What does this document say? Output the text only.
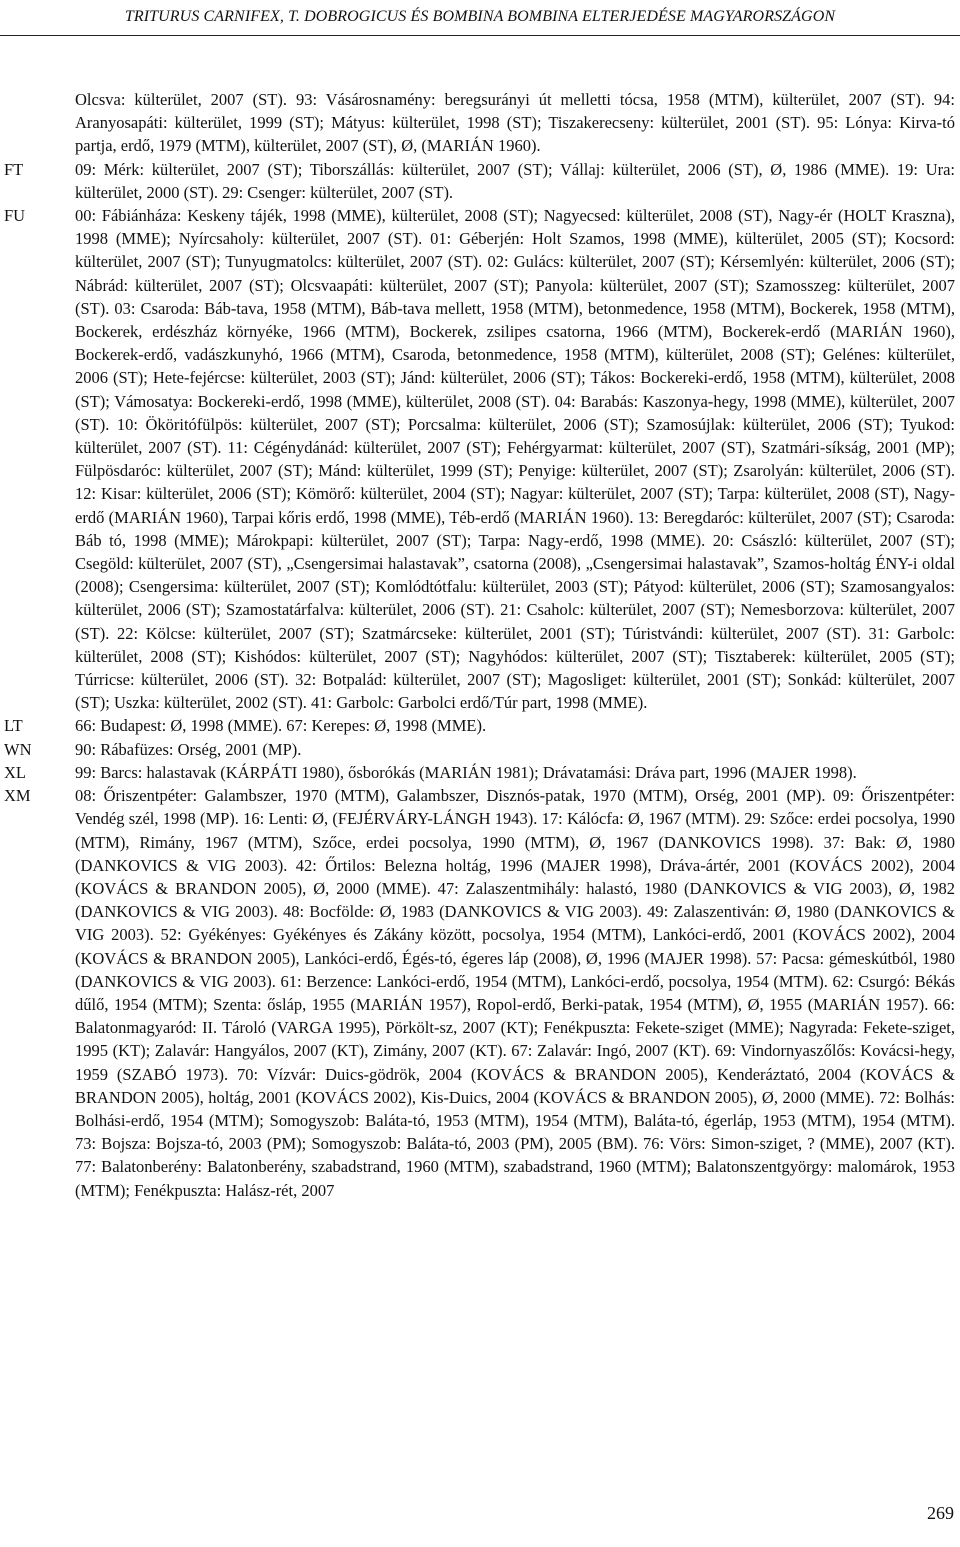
TRITURUS CARNIFEX, T. DOBROGICUS ÉS BOMBINA BOMBINA ELTERJEDÉSE MAGYARORSZÁGON
Olcsva: külterület, 2007 (ST). 93: Vásárosnamény: beregsurányi út melletti tócsa, 1958 (MTM), külterület, 2007 (ST). 94: Aranyosapáti: külterület, 1999 (ST); Mátyus: külterület, 1998 (ST); Tiszakerecseny: külterület, 2001 (ST). 95: Lónya: Kirva-tó partja, erdő, 1979 (MTM), külterület, 2007 (ST), Ø, (MARIÁN 1960).
FT	09: Mérk: külterület, 2007 (ST); Tiborszállás: külterület, 2007 (ST); Vállaj: külterület, 2006 (ST), Ø, 1986 (MME). 19: Ura: külterület, 2000 (ST). 29: Csenger: külterület, 2007 (ST).
FU	00: Fábiánháza: Keskeny tájék, 1998 (MME), külterület, 2008 (ST); Nagyecsed: külterület, 2008 (ST), Nagy-ér (HOLT Kraszna), 1998 (MME); Nyírcsaholy: külterület, 2007 (ST). 01: Géberjén: Holt Szamos, 1998 (MME), külterület, 2005 (ST); Kocsord: külterület, 2007 (ST); Tunyugmatolcs: külterület, 2007 (ST). 02: Gulács: külterület, 2007 (ST); Kérsemlyén: külterület, 2006 (ST); Nábrád: külterület, 2007 (ST); Olcsvaapáti: külterület, 2007 (ST); Panyola: külterület, 2007 (ST); Szamosszeg: külterület, 2007 (ST). 03: Csaroda: Báb-tava, 1958 (MTM), Báb-tava mellett, 1958 (MTM), betonmedence, 1958 (MTM), Bockerek, 1958 (MTM), Bockerek, erdészház környéke, 1966 (MTM), Bockerek, zsilipes csatorna, 1966 (MTM), Bockerek-erdő (MARIÁN 1960), Bockerek-erdő, vadászkunyhó, 1966 (MTM), Csaroda, betonmedence, 1958 (MTM), külterület, 2008 (ST); Gelénes: külterület, 2006 (ST); Hete-fejércse: külterület, 2003 (ST); Jánd: külterület, 2006 (ST); Tákos: Bockereki-erdő, 1958 (MTM), külterület, 2008 (ST); Vámosatya: Bockereki-erdő, 1998 (MME), külterület, 2008 (ST). 04: Barabás: Kaszonya-hegy, 1998 (MME), külterület, 2007 (ST). 10: Ököritófülpös: külterület, 2007 (ST); Porcsalma: külterület, 2006 (ST); Szamosújlak: külterület, 2006 (ST); Tyukod: külterület, 2007 (ST). 11: Cégénydánád: külterület, 2007 (ST); Fehérgyarmat: külterület, 2007 (ST), Szatmári-síkság, 2001 (MP); Fülpösdaróc: külterület, 2007 (ST); Mánd: külterület, 1999 (ST); Penyige: külterület, 2007 (ST); Zsarolyán: külterület, 2006 (ST). 12: Kisar: külterület, 2006 (ST); Kömörő: külterület, 2004 (ST); Nagyar: külterület, 2007 (ST); Tarpa: külterület, 2008 (ST), Nagy-erdő (MARIÁN 1960), Tarpai kőris erdő, 1998 (MME), Téb-erdő (MARIÁN 1960). 13: Beregdaróc: külterület, 2007 (ST); Csaroda: Báb tó, 1998 (MME); Márokpapi: külterület, 2007 (ST); Tarpa: Nagy-erdő, 1998 (MME). 20: Császló: külterület, 2007 (ST); Csegöld: külterület, 2007 (ST), „Csengersimai halastavak”, csatorna (2008), „Csengersimai halastavak”, Szamos-holtág ÉNY-i oldal (2008); Csengersima: külterület, 2007 (ST); Komlódtótfalu: külterület, 2003 (ST); Pátyod: külterület, 2006 (ST); Szamosangyalos: külterület, 2006 (ST); Szamostatárfalva: külterület, 2006 (ST). 21: Csaholc: külterület, 2007 (ST); Nemesborzova: külterület, 2007 (ST). 22: Kölcse: külterület, 2007 (ST); Szatmárcseke: külterület, 2001 (ST); Túristvándi: külterület, 2007 (ST). 31: Garbolc: külterület, 2008 (ST); Kishódos: külterület, 2007 (ST); Nagyhódos: külterület, 2007 (ST); Tisztaberek: külterület, 2005 (ST); Túrricse: külterület, 2006 (ST). 32: Botpalád: külterület, 2007 (ST); Magosliget: külterület, 2001 (ST); Sonkád: külterület, 2007 (ST); Uszka: külterület, 2002 (ST). 41: Garbolc: Garbolci erdő/Túr part, 1998 (MME).
LT	66: Budapest: Ø, 1998 (MME). 67: Kerepes: Ø, 1998 (MME).
WN	90: Rábafüzes: Orség, 2001 (MP).
XL	99: Barcs: halastavak (KÁRPÁTI 1980), ősborókás (MARIÁN 1981); Drávatamási: Dráva part, 1996 (MAJER 1998).
XM	08: Őriszentpéter: Galambszer, 1970 (MTM), Galambszer, Disznós-patak, 1970 (MTM), Orség, 2001 (MP). 09: Őriszentpéter: Vendég szél, 1998 (MP). 16: Lenti: Ø, (FEJÉRVÁRY-LÁNGH 1943). 17: Kálócfa: Ø, 1967 (MTM). 29: Szőce: erdei pocsolya, 1990 (MTM), Rimány, 1967 (MTM), Szőce, erdei pocsolya, 1990 (MTM), Ø, 1967 (DANKOVICS 1998). 37: Bak: Ø, 1980 (DANKOVICS & VIG 2003). 42: Őrtilos: Belezna holtág, 1996 (MAJER 1998), Dráva-ártér, 2001 (KOVÁCS 2002), 2004 (KOVÁCS & BRANDON 2005), Ø, 2000 (MME). 47: Zalaszentmihály: halastó, 1980 (DANKOVICS & VIG 2003), Ø, 1982 (DANKOVICS & VIG 2003). 48: Bocfölde: Ø, 1983 (DANKOVICS & VIG 2003). 49: Zalaszentiván: Ø, 1980 (DANKOVICS & VIG 2003). 52: Gyékényes: Gyékényes és Zákány között, pocsolya, 1954 (MTM), Lankóci-erdő, 2001 (KOVÁCS 2002), 2004 (KOVÁCS & BRANDON 2005), Lankóci-erdő, Égés-tó, égeres láp (2008), Ø, 1996 (MAJER 1998). 57: Pacsa: gémeskútból, 1980 (DANKOVICS & VIG 2003). 61: Berzence: Lankóci-erdő, 1954 (MTM), Lankóci-erdő, pocsolya, 1954 (MTM). 62: Csurgó: Békás dűlő, 1954 (MTM); Szenta: ősláp, 1955 (MARIÁN 1957), Ropol-erdő, Berki-patak, 1954 (MTM), Ø, 1955 (MARIÁN 1957). 66: Balatonmagyaród: II. Tároló (VARGA 1995), Pörkölt-sz, 2007 (KT); Fenékpuszta: Fekete-sziget (MME); Nagyrada: Fekete-sziget, 1995 (KT); Zalavár: Hangyálos, 2007 (KT), Zimány, 2007 (KT). 67: Zalavár: Ingó, 2007 (KT). 69: Vindornyaszőlős: Kovácsi-hegy, 1959 (SZABÓ 1973). 70: Vízvár: Duics-gödrök, 2004 (KOVÁCS & BRANDON 2005), Kenderáztató, 2004 (KOVÁCS & BRANDON 2005), holtág, 2001 (KOVÁCS 2002), Kis-Duics, 2004 (KOVÁCS & BRANDON 2005), Ø, 2000 (MME). 72: Bolhás: Bolhási-erdő, 1954 (MTM); Somogyszob: Baláta-tó, 1953 (MTM), 1954 (MTM), Baláta-tó, égerláp, 1953 (MTM), 1954 (MTM). 73: Bojsza: Bojsza-tó, 2003 (PM); Somogyszob: Baláta-tó, 2003 (PM), 2005 (BM). 76: Vörs: Simon-sziget, ? (MME), 2007 (KT). 77: Balatonberény: Balatonberény, szabadstrand, 1960 (MTM), szabadstrand, 1960 (MTM); Balatonszentgyörgy: malomárok, 1953 (MTM); Fenékpuszta: Halász-rét, 2007
269
